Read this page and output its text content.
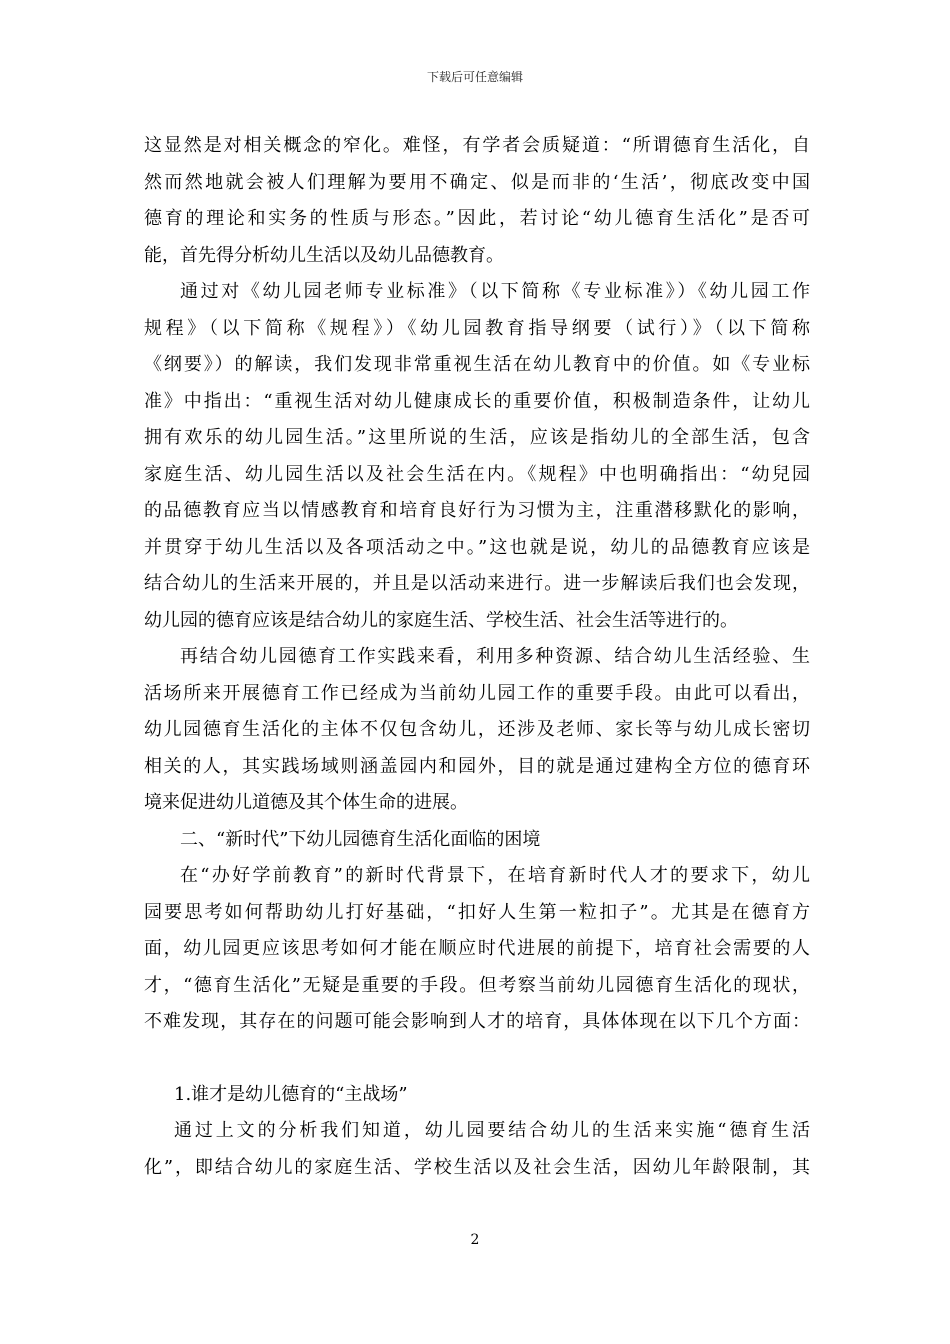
下载后可任意编辑
这显然是对相关概念的窄化。难怪，有学者会质疑道：“所谓德育生活化，自
然而然地就会被人们理解为要用不确定、似是而非的‘生活’，彻底改变中国
德育的理论和实务的性质与形态。”因此，若讨论“幼儿德育生活化”是否可
能，首先得分析幼儿生活以及幼儿品德教育。
通过对《幼儿园老师专业标准》（以下简称《专业标准》）《幼儿园工作
规程》（以下简称《规程》）《幼儿园教育指导纲要（试行）》（以下简称
《纲要》）的解读，我们发现非常重视生活在幼儿教育中的价值。如《专业标
准》中指出：“重视生活对幼儿健康成长的重要价值，积极制造条件，让幼儿
拥有欢乐的幼儿园生活。”这里所说的生活，应该是指幼儿的全部生活，包含
家庭生活、幼儿园生活以及社会生活在内。《规程》中也明确指出：“幼兒园
的品德教育应当以情感教育和培育良好行为习惯为主，注重潜移默化的影响，
并贯穿于幼儿生活以及各项活动之中。”这也就是说，幼儿的品德教育应该是
结合幼儿的生活来开展的，并且是以活动来进行。进一步解读后我们也会发现，
幼儿园的德育应该是结合幼儿的家庭生活、学校生活、社会生活等进行的。
再结合幼儿园德育工作实践来看，利用多种资源、结合幼儿生活经验、生
活场所来开展德育工作已经成为当前幼儿园工作的重要手段。由此可以看出，
幼儿园德育生活化的主体不仅包含幼儿，还涉及老师、家长等与幼儿成长密切
相关的人，其实践场域则涵盖园内和园外，目的就是通过建构全方位的德育环
境来促进幼儿道德及其个体生命的进展。
二、“新时代”下幼儿园德育生活化面临的困境
在“办好学前教育”的新时代背景下，在培育新时代人才的要求下，幼儿
园要思考如何帮助幼儿打好基础，“扣好人生第一粒扣子”。尤其是在德育方
面，幼儿园更应该思考如何才能在顺应时代进展的前提下，培育社会需要的人
才，“德育生活化”无疑是重要的手段。但考察当前幼儿园德育生活化的现状，
不难发现，其存在的问题可能会影响到人才的培育，具体体现在以下几个方面：
1.谁才是幼儿德育的“主战场”
通过上文的分析我们知道，幼儿园要结合幼儿的生活来实施“德育生活
化”，即结合幼儿的家庭生活、学校生活以及社会生活，因幼儿年龄限制，其
2
